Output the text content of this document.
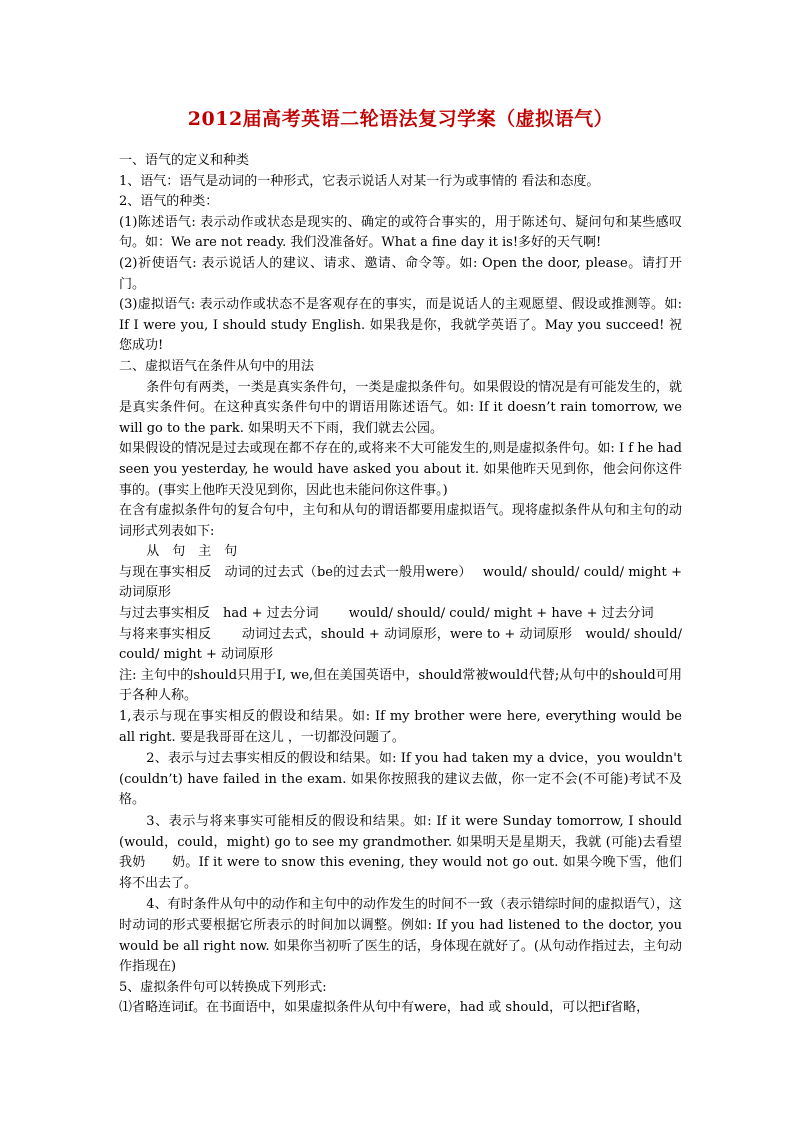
2012届高考英语二轮语法复习学案（虚拟语气）

一、语气的定义和种类

1、语气：语气是动词的一种形式，它表示说话人对某一行为或事情的 看法和态度。

2、语气的种类：

(1)陈述语气: 表示动作或状态是现实的、确定的或符合事实的，用于陈述句、疑问句和某些感叹句。如：We are not ready. 我们没准备好。What a fine day it is!多好的天气啊!

(2)祈使语气: 表示说话人的建议、请求、邀请、命令等。如: Open the door, please。请打开门。

(3)虚拟语气: 表示动作或状态不是客观存在的事实，而是说话人的主观愿望、假设或推测等。如: If I were you, I should study English. 如果我是你，我就学英语了。May you succeed! 祝您成功!

二、虚拟语气在条件从句中的用法

条件句有两类，一类是真实条件句，一类是虚拟条件句。如果假设的情况是有可能发生的，就是真实条件何。在这种真实条件句中的谓语用陈述语气。如: If it doesn’t rain tomorrow, we will go to the park. 如果明天不下雨，我们就去公园。

如果假设的情况是过去或现在都不存在的,或将来不大可能发生的,则是虚拟条件句。如: I f he had seen you yesterday, he would have asked you about it. 如果他昨天见到你，他会问你这件事的。(事实上他昨天没见到你，因此也未能问你这件事。)

在含有虚拟条件句的复合句中，主句和从句的谓语都要用虚拟语气。现将虚拟条件从句和主句的动词形式列表如下:

从　句　主　句

与现在事实相反　动词的过去式（be的过去式一般用were）　 would/ should/ could/ might + 动词原形

与过去事实相反　had + 过去分词　　 would/ should/ could/ might + have + 过去分词

与将来事实相反　　 动词过去式，should + 动词原形，were to + 动词原形　would/ should/ could/ might + 动词原形

注: 主句中的should只用于I, we,但在美国英语中，should常被would代替;从句中的should可用于各种人称。

1,表示与现在事实相反的假设和结果。如: If my brother were here, everything would be all right. 要是我哥哥在这儿 ，一切都没问题了。

2、表示与过去事实相反的假设和结果。如: If you had taken my a dvice，you wouldn't (couldn’t) have failed in the exam. 如果你按照我的建议去做，你一定不会(不可能)考试不及格。

3、表示与将来事实可能相反的假设和结果。如: If it were Sunday tomorrow, I should (would，could，might) go to see my grandmother. 如果明天是星期天，我就 (可能)去看望我奶　　奶。If it were to snow this evening, they would not go out. 如果今晚下雪，他们将不出去了。

4、有时条件从句中的动作和主句中的动作发生的时间不一致（表示错综时间的虚拟语气），这时动词的形式要根据它所表示的时间加以调整。例如: If you had listened to the doctor, you would be all right now. 如果你当初听了医生的话，身体现在就好了。(从句动作指过去，主句动作指现在)

5、虚拟条件句可以转换成下列形式:

⑴省略连词if。在书面语中，如果虚拟条件从句中有were，had 或 should，可以把if省略，
